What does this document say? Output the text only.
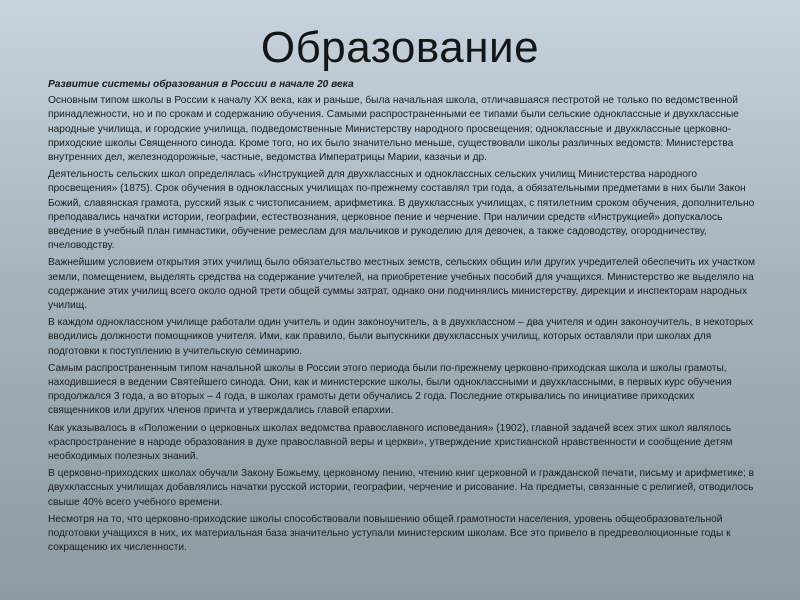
Образование

Развитие системы образования в России в начале 20 века

Основным типом школы в России к началу XX века, как и раньше, была начальная школа, отличавшаяся пестротой не только по ведомственной принадлежности, но и по срокам и содержанию обучения. Самыми распространенными ее типами были сельские одноклассные и двухклассные народные училища, и городские училища, подведомственные Министерству народного просвещения; одноклассные и двухклассные церковно-приходские школы Священного синода. Кроме того, но их было значительно меньше, существовали школы различных ведомств: Министерства внутренних дел, железнодорожные, частные, ведомства Императрицы Марии, казачьи и др.

Деятельность сельских школ определялась «Инструкцией для двухклассных и одноклассных сельских училищ Министерства народного просвещения» (1875). Срок обучения в одноклассных училищах по-прежнему составлял три года, а обязательными предметами в них были Закон Божий, славянская грамота, русский язык с чистописанием, арифметика. В двухклассных училищах, с пятилетним сроком обучения, дополнительно преподавались начатки истории, географии, естествознания, церковное пение и черчение. При наличии средств «Инструкцией» допускалось введение в учебный план гимнастики, обучение ремеслам для мальчиков и рукоделию для девочек, а также садоводству, огородничеству, пчеловодству.

Важнейшим условием открытия этих училищ было обязательство местных земств, сельских общин или других учредителей обеспечить их участком земли, помещением, выделять средства на содержание учителей, на приобретение учебных пособий для учащихся. Министерство же выделяло на содержание этих училищ всего около одной трети общей суммы затрат, однако они подчинялись министерству, дирекции и инспекторам народных училищ.

В каждом одноклассном училище работали один учитель и один законоучитель, а в двухклассном – два учителя и один законоучитель, в некоторых вводились должности помощников учителя. Ими, как правило, были выпускники двухклассных училищ, которых оставляли при школах для подготовки к поступлению в учительскую семинарию.

Самым распространенным типом начальной школы в России этого периода были по-прежнему церковно-приходская школа и школы грамоты, находившиеся в ведении Святейшего синода. Они, как и министерские школы, были одноклассными и двухклассными, в первых курс обучения продолжался 3 года, а во вторых – 4 года, в школах грамоты дети обучались 2 года. Последние открывались по инициативе приходских священников или других членов причта и утверждались главой епархии.

Как указывалось в «Положении о церковных школах ведомства православного исповедания» (1902), главной задачей всех этих школ являлось «распространение в народе образования в духе православной веры и церкви», утверждение христианской нравственности и сообщение детям необходимых полезных знаний.

В церковно-приходских школах обучали Закону Божьему, церковному пению, чтению книг церковной и гражданской печати, письму и арифметике; в двухклассных училищах добавлялись начатки русской истории, географии, черчение и рисование. На предметы, связанные с религией, отводилось свыше 40% всего учебного времени.

Несмотря на то, что церковно-приходские школы способствовали повышению общей грамотности населения, уровень общеобразовательной подготовки учащихся в них, их материальная база значительно уступали министерским школам. Все это привело в предреволюционные годы к сокращению их численности.
